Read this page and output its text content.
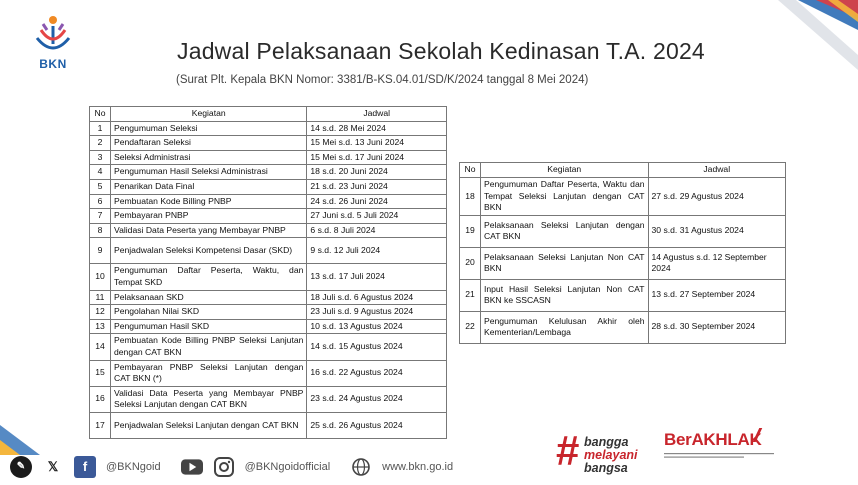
BKN	Jadwal Pelaksanaan Sekolah Kedinasan T.A. 2024
(Surat Plt. Kepala BKN Nomor: 3381/B-KS.04.01/SD/K/2024 tanggal 8 Mei 2024)
No	Kegiatan	Jadwal
1	Pengumuman Seleksi	14 s.d. 28 Mei 2024
2	Pendaftaran Seleksi	15 Mei s.d. 13 Juni 2024
3	Seleksi Administrasi	15 Mei s.d. 17 Juni 2024
4	Pengumuman Hasil Seleksi Administrasi	18 s.d. 20 Juni 2024
5	Penarikan Data Final	21 s.d. 23 Juni 2024
6	Pembuatan Kode Billing PNBP	24 s.d. 26 Juni 2024
7	Pembayaran PNBP	27 Juni s.d. 5 Juli 2024
8	Validasi Data Peserta yang Membayar PNBP	6 s.d. 8 Juli 2024
9	Penjadwalan Seleksi Kompetensi Dasar (SKD)	9 s.d. 12 Juli 2024
10	Pengumuman Daftar Peserta, Waktu, dan Tempat SKD	13 s.d. 17 Juli 2024
11	Pelaksanaan SKD	18 Juli s.d. 6 Agustus 2024
12	Pengolahan Nilai SKD	23 Juli s.d. 9 Agustus 2024
13	Pengumuman Hasil SKD	10 s.d. 13 Agustus 2024
14	Pembuatan Kode Billing PNBP Seleksi Lanjutan dengan CAT BKN	14 s.d. 15 Agustus 2024
15	Pembayaran PNBP Seleksi Lanjutan dengan CAT BKN (*)	16 s.d. 22 Agustus 2024
16	Validasi Data Peserta yang Membayar PNBP Seleksi Lanjutan dengan CAT BKN	23 s.d. 24 Agustus 2024
17	Penjadwalan Seleksi Lanjutan dengan CAT BKN	25 s.d. 26 Agustus 2024
No	Kegiatan	Jadwal
18	Pengumuman Daftar Peserta, Waktu dan Tempat Seleksi Lanjutan dengan CAT BKN	27 s.d. 29 Agustus 2024
19	Pelaksanaan Seleksi Lanjutan dengan CAT BKN	30 s.d. 31 Agustus 2024
20	Pelaksanaan Seleksi Lanjutan Non CAT BKN	14 Agustus s.d. 12 September 2024
21	Input Hasil Seleksi Lanjutan Non CAT BKN ke SSCASN	13 s.d. 27 September 2024
22	Pengumuman Kelulusan Akhir oleh Kementerian/Lembaga	28 s.d. 30 September 2024
✎	𝕏	f	@BKNgoid	@BKNgoidofficial	www.bkn.go.id # bangga
melayani
bangsa
BerAKHLAK
